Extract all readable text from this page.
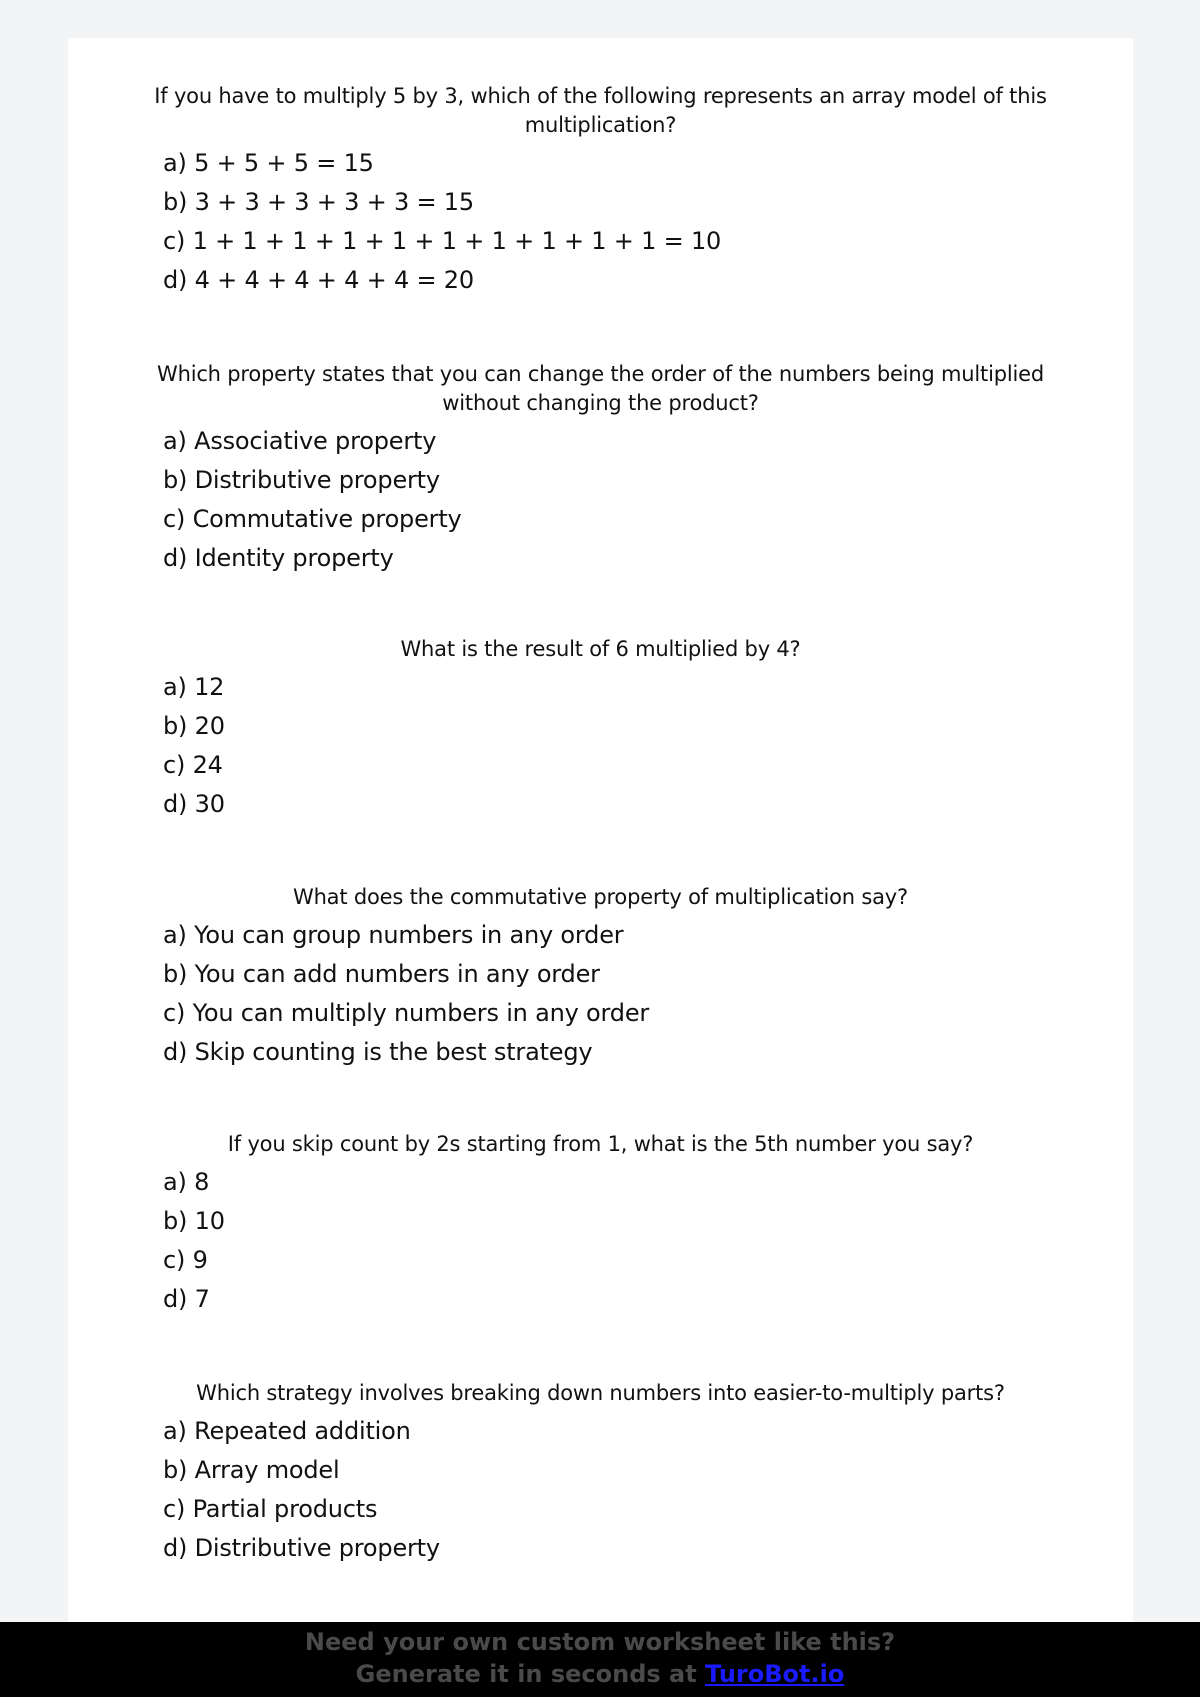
If you have to multiply 5 by 3, which of the following represents an array model of this multiplication?

a) 5 + 5 + 5 = 15
b) 3 + 3 + 3 + 3 + 3 = 15
c) 1 + 1 + 1 + 1 + 1 + 1 + 1 + 1 + 1 + 1 = 10
d) 4 + 4 + 4 + 4 + 4 = 20

Which property states that you can change the order of the numbers being multiplied without changing the product?

a) Associative property
b) Distributive property
c) Commutative property
d) Identity property

What is the result of 6 multiplied by 4?

a) 12
b) 20
c) 24
d) 30

What does the commutative property of multiplication say?

a) You can group numbers in any order
b) You can add numbers in any order
c) You can multiply numbers in any order
d) Skip counting is the best strategy

If you skip count by 2s starting from 1, what is the 5th number you say?

a) 8
b) 10
c) 9
d) 7

Which strategy involves breaking down numbers into easier-to-multiply parts?

a) Repeated addition
b) Array model
c) Partial products
d) Distributive property
Need your own custom worksheet like this?
Generate it in seconds at TuroBot.io
